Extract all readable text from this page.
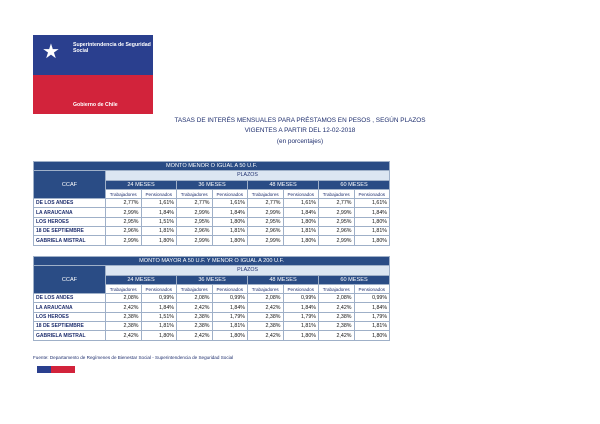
★	Superintendencia de Seguridad Social
Gobierno de Chile
TASAS DE INTERÉS MENSUALES PARA PRÉSTAMOS EN PESOS , SEGÚN PLAZOS
VIGENTES A PARTIR DEL 12-02-2018
(en porcentajes)
MONTO MENOR O IGUAL A 50 U.F.								
CCAF	PLAZOS							
	24 MESES		36 MESES		48 MESES		60 MESES	
	Trabajadores	Pensionados	Trabajadores	Pensionados	Trabajadores	Pensionados	Trabajadores	Pensionados
DE LOS ANDES	2,77%	1,61%	2,77%	1,61%	2,77%	1,61%	2,77%	1,61%
LA ARAUCANA	2,99%	1,84%	2,99%	1,84%	2,99%	1,84%	2,99%	1,84%
LOS HEROES	2,95%	1,51%	2,95%	1,80%	2,95%	1,80%	2,95%	1,80%
18 DE SEPTIEMBRE	2,96%	1,81%	2,96%	1,81%	2,96%	1,81%	2,96%	1,81%
GABRIELA MISTRAL	2,99%	1,80%	2,99%	1,80%	2,99%	1,80%	2,99%	1,80%
MONTO MAYOR A 50 U.F. Y MENOR O IGUAL A 200 U.F.								
CCAF	PLAZOS							
	24 MESES		36 MESES		48 MESES		60 MESES	
	Trabajadores	Pensionados	Trabajadores	Pensionados	Trabajadores	Pensionados	Trabajadores	Pensionados
DE LOS ANDES	2,08%	0,99%	2,08%	0,99%	2,08%	0,99%	2,08%	0,99%
LA ARAUCANA	2,42%	1,84%	2,42%	1,84%	2,42%	1,84%	2,42%	1,84%
LOS HEROES	2,38%	1,51%	2,38%	1,79%	2,38%	1,79%	2,38%	1,79%
18 DE SEPTIEMBRE	2,38%	1,81%	2,38%	1,81%	2,38%	1,81%	2,38%	1,81%
GABRIELA MISTRAL	2,42%	1,80%	2,42%	1,80%	2,42%	1,80%	2,42%	1,80%
Fuente: Departamento de Regímenes de Bienestar Social - Superintendencia de Seguridad Social
